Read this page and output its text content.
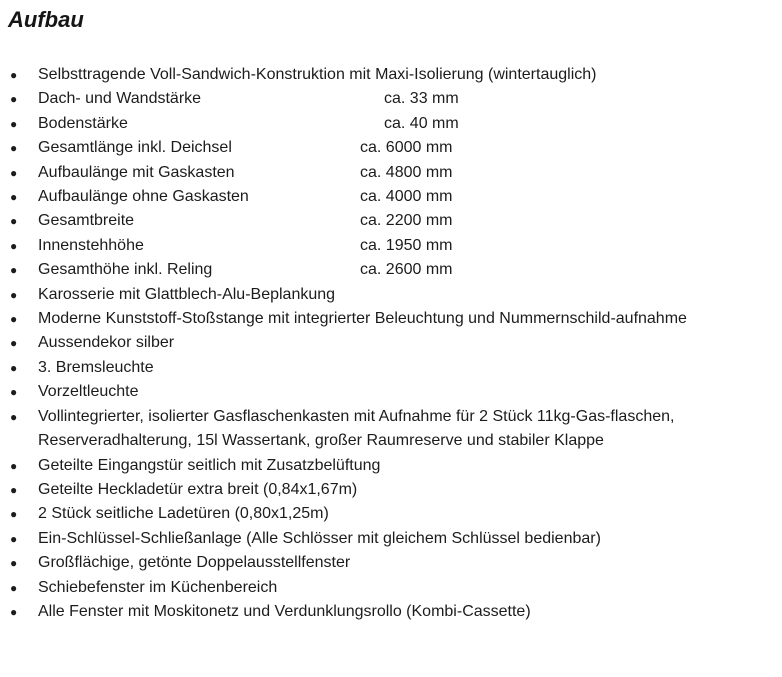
Aufbau
● Selbsttragende Voll-Sandwich-Konstruktion mit Maxi-Isolierung (wintertauglich)
● Dach- und Wandstärke	ca. 33 mm
● Bodenstärke	ca. 40 mm
● Gesamtlänge inkl. Deichsel	ca. 6000 mm
● Aufbaulänge mit Gaskasten	ca. 4800 mm
● Aufbaulänge ohne Gaskasten	ca. 4000 mm
● Gesamtbreite	ca. 2200 mm
● Innenstehhöhe	ca. 1950 mm
● Gesamthöhe inkl. Reling	ca. 2600 mm
● Karosserie mit Glattblech-Alu-Beplankung
● Moderne Kunststoff-Stoßstange mit integrierter Beleuchtung und Nummernschild-aufnahme
● Aussendekor silber
● 3. Bremsleuchte
● Vorzeltleuchte
● Vollintegrierter, isolierter Gasflaschenkasten mit Aufnahme für 2 Stück 11kg-Gas-flaschen, Reserveradhalterung, 15l Wassertank, großer Raumreserve und stabiler Klappe
● Geteilte Eingangstür seitlich mit Zusatzbelüftung
● Geteilte Heckladetür extra breit (0,84x1,67m)
● 2 Stück seitliche Ladetüren (0,80x1,25m)
● Ein-Schlüssel-Schließanlage (Alle Schlösser mit gleichem Schlüssel bedienbar)
● Großflächige, getönte Doppelausstellfenster
● Schiebefenster im Küchenbereich
● Alle Fenster mit Moskitonetz und Verdunklungsrollo (Kombi-Cassette)
